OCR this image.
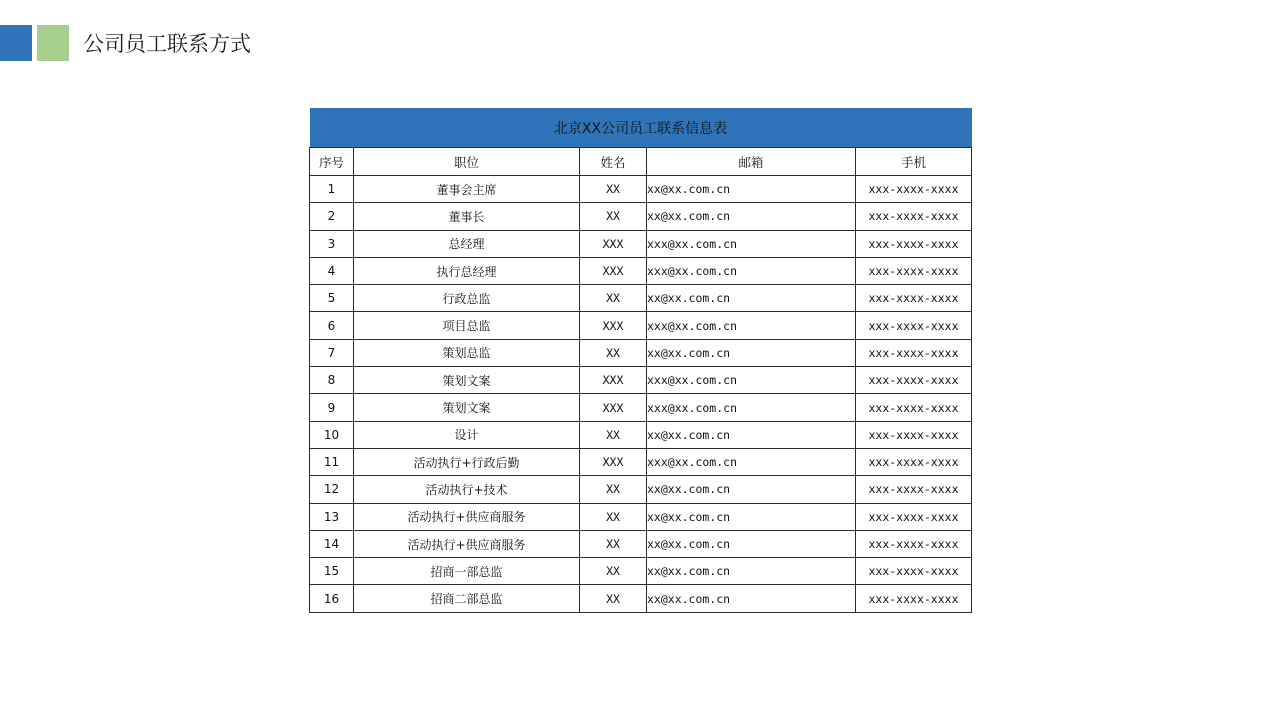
公司员工联系方式
北京XX公司员工联系信息表				
序号	职位	姓名	邮箱	手机
1	董事会主席	XX	xx@xx.com.cn	xxx-xxxx-xxxx
2	董事长	XX	xx@xx.com.cn	xxx-xxxx-xxxx
3	总经理	XXX	xxx@xx.com.cn	xxx-xxxx-xxxx
4	执行总经理	XXX	xxx@xx.com.cn	xxx-xxxx-xxxx
5	行政总监	XX	xx@xx.com.cn	xxx-xxxx-xxxx
6	项目总监	XXX	xxx@xx.com.cn	xxx-xxxx-xxxx
7	策划总监	XX	xx@xx.com.cn	xxx-xxxx-xxxx
8	策划文案	XXX	xxx@xx.com.cn	xxx-xxxx-xxxx
9	策划文案	XXX	xxx@xx.com.cn	xxx-xxxx-xxxx
10	设计	XX	xx@xx.com.cn	xxx-xxxx-xxxx
11	活动执行+行政后勤	XXX	xxx@xx.com.cn	xxx-xxxx-xxxx
12	活动执行+技术	XX	xx@xx.com.cn	xxx-xxxx-xxxx
13	活动执行+供应商服务	XX	xx@xx.com.cn	xxx-xxxx-xxxx
14	活动执行+供应商服务	XX	xx@xx.com.cn	xxx-xxxx-xxxx
15	招商一部总监	XX	xx@xx.com.cn	xxx-xxxx-xxxx
16	招商二部总监	XX	xx@xx.com.cn	xxx-xxxx-xxxx
